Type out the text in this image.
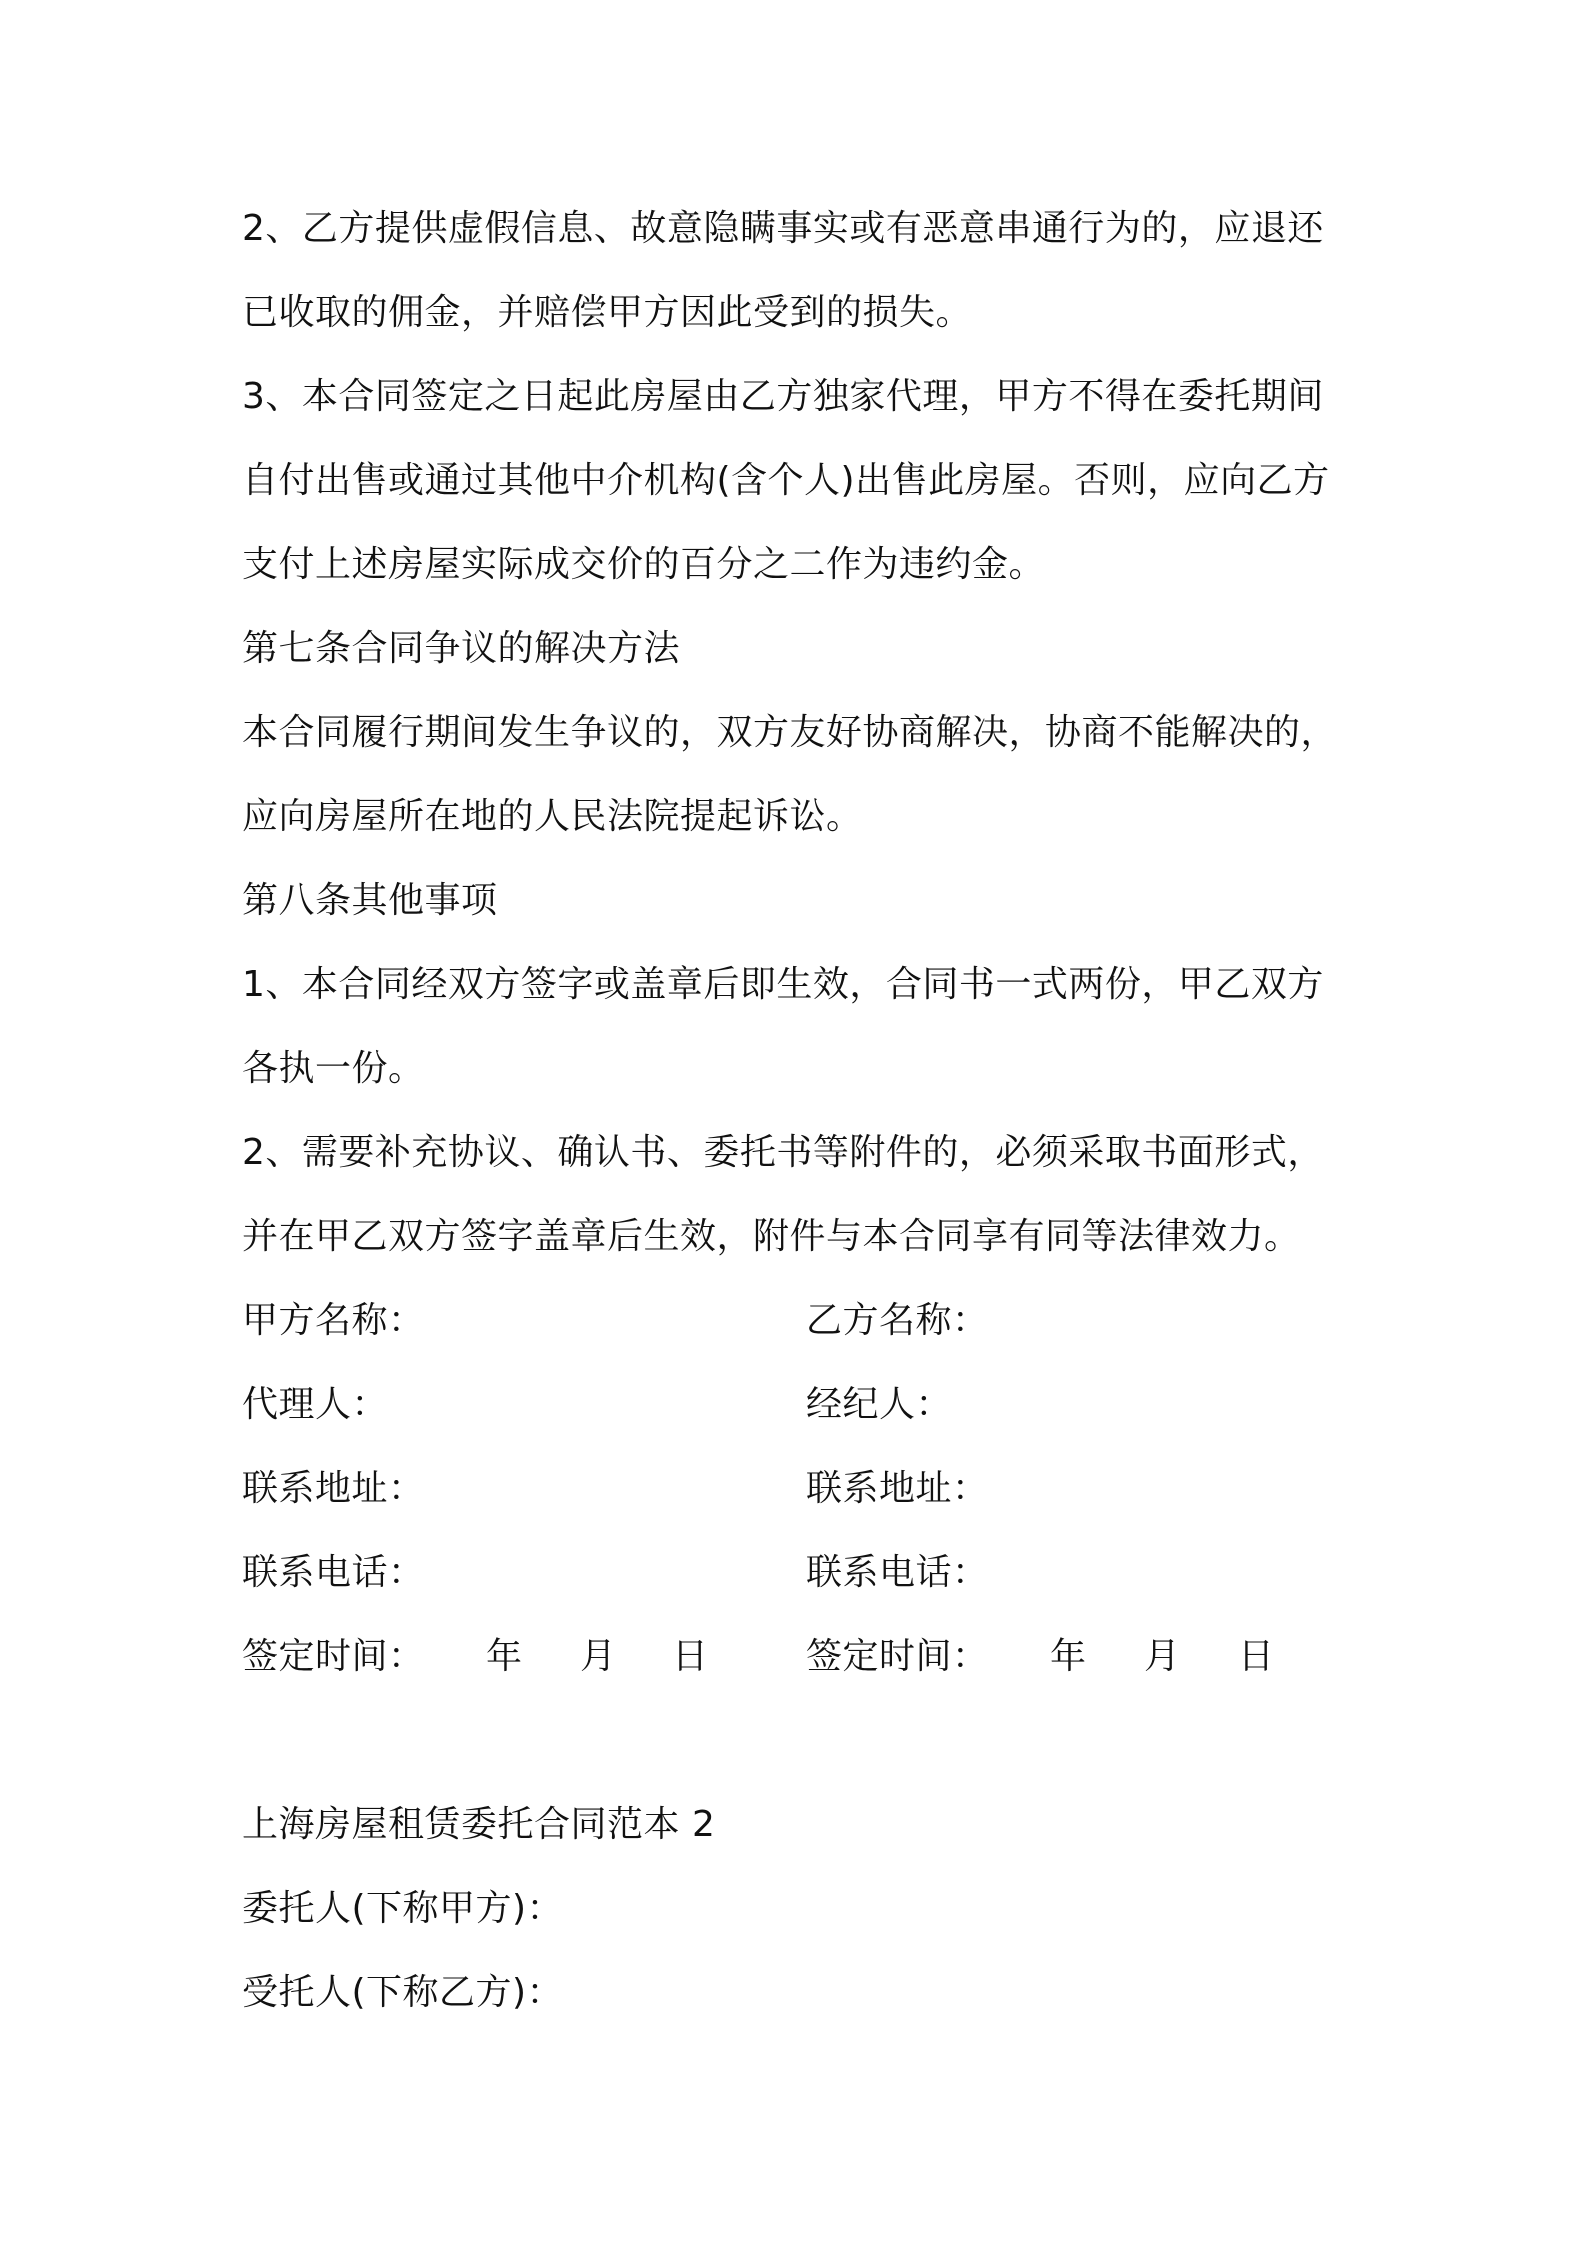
2、乙方提供虚假信息、故意隐瞒事实或有恶意串通行为的，应退还
已收取的佣金，并赔偿甲方因此受到的损失。
3、本合同签定之日起此房屋由乙方独家代理，甲方不得在委托期间
自付出售或通过其他中介机构(含个人)出售此房屋。否则，应向乙方
支付上述房屋实际成交价的百分之二作为违约金。
第七条合同争议的解决方法
本合同履行期间发生争议的，双方友好协商解决，协商不能解决的，
应向房屋所在地的人民法院提起诉讼。
第八条其他事项
1、本合同经双方签字或盖章后即生效，合同书一式两份，甲乙双方
各执一份。
2、需要补充协议、确认书、委托书等附件的，必须采取书面形式，
并在甲乙双方签字盖章后生效，附件与本合同享有同等法律效力。
甲方名称：	乙方名称：
代理人：	经纪人：
联系地址：	联系地址：
联系电话：	联系电话：
签定时间： 年 月 日	签定时间： 年 月 日
上海房屋租赁委托合同范本 2
委托人(下称甲方)：
受托人(下称乙方)：
